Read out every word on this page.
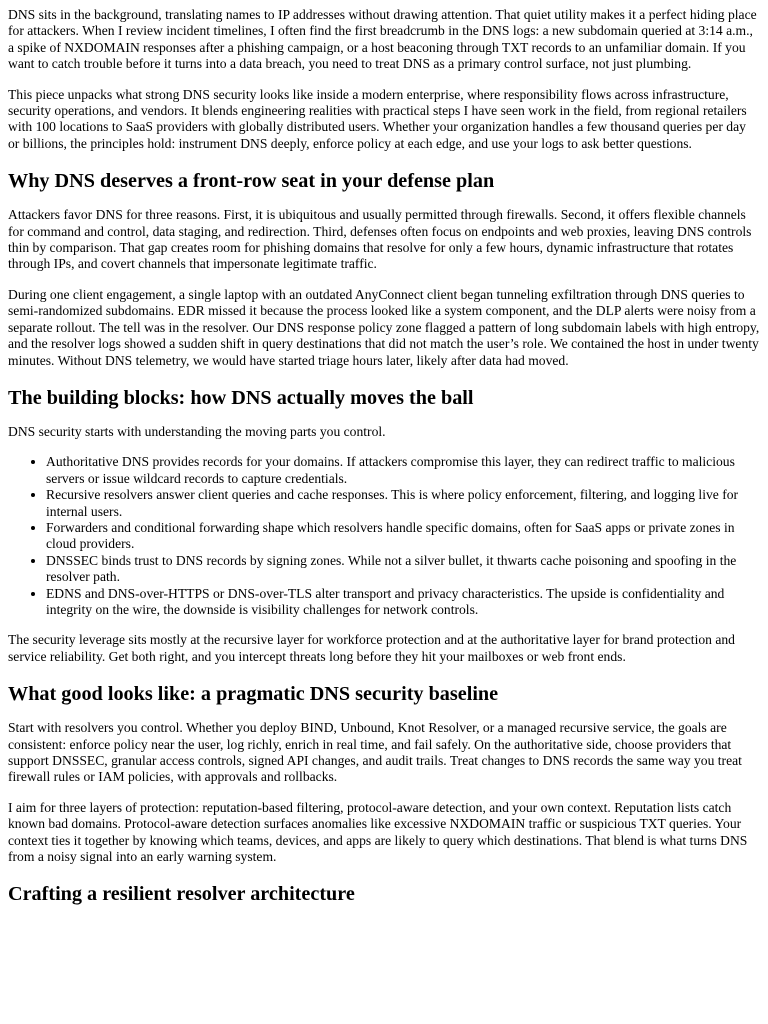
DNS sits in the background, translating names to IP addresses without drawing attention. That quiet utility makes it a perfect hiding place for attackers. When I review incident timelines, I often find the first breadcrumb in the DNS logs: a new subdomain queried at 3:14 a.m., a spike of NXDOMAIN responses after a phishing campaign, or a host beaconing through TXT records to an unfamiliar domain. If you want to catch trouble before it turns into a data breach, you need to treat DNS as a primary control surface, not just plumbing.

This piece unpacks what strong DNS security looks like inside a modern enterprise, where responsibility flows across infrastructure, security operations, and vendors. It blends engineering realities with practical steps I have seen work in the field, from regional retailers with 100 locations to SaaS providers with globally distributed users. Whether your organization handles a few thousand queries per day or billions, the principles hold: instrument DNS deeply, enforce policy at each edge, and use your logs to ask better questions.

Why DNS deserves a front-row seat in your defense plan

Attackers favor DNS for three reasons. First, it is ubiquitous and usually permitted through firewalls. Second, it offers flexible channels for command and control, data staging, and redirection. Third, defenses often focus on endpoints and web proxies, leaving DNS controls thin by comparison. That gap creates room for phishing domains that resolve for only a few hours, dynamic infrastructure that rotates through IPs, and covert channels that impersonate legitimate traffic.

During one client engagement, a single laptop with an outdated AnyConnect client began tunneling exfiltration through DNS queries to semi-randomized subdomains. EDR missed it because the process looked like a system component, and the DLP alerts were noisy from a separate rollout. The tell was in the resolver. Our DNS response policy zone flagged a pattern of long subdomain labels with high entropy, and the resolver logs showed a sudden shift in query destinations that did not match the user’s role. We contained the host in under twenty minutes. Without DNS telemetry, we would have started triage hours later, likely after data had moved.

The building blocks: how DNS actually moves the ball

DNS security starts with understanding the moving parts you control.

• Authoritative DNS provides records for your domains. If attackers compromise this layer, they can redirect traffic to malicious servers or issue wildcard records to capture credentials.
• Recursive resolvers answer client queries and cache responses. This is where policy enforcement, filtering, and logging live for internal users.
• Forwarders and conditional forwarding shape which resolvers handle specific domains, often for SaaS apps or private zones in cloud providers.
• DNSSEC binds trust to DNS records by signing zones. While not a silver bullet, it thwarts cache poisoning and spoofing in the resolver path.
• EDNS and DNS-over-HTTPS or DNS-over-TLS alter transport and privacy characteristics. The upside is confidentiality and integrity on the wire, the downside is visibility challenges for network controls.

The security leverage sits mostly at the recursive layer for workforce protection and at the authoritative layer for brand protection and service reliability. Get both right, and you intercept threats long before they hit your mailboxes or web front ends.

What good looks like: a pragmatic DNS security baseline

Start with resolvers you control. Whether you deploy BIND, Unbound, Knot Resolver, or a managed recursive service, the goals are consistent: enforce policy near the user, log richly, enrich in real time, and fail safely. On the authoritative side, choose providers that support DNSSEC, granular access controls, signed API changes, and audit trails. Treat changes to DNS records the same way you treat firewall rules or IAM policies, with approvals and rollbacks.

I aim for three layers of protection: reputation-based filtering, protocol-aware detection, and your own context. Reputation lists catch known bad domains. Protocol-aware detection surfaces anomalies like excessive NXDOMAIN traffic or suspicious TXT queries. Your context ties it together by knowing which teams, devices, and apps are likely to query which destinations. That blend is what turns DNS from a noisy signal into an early warning system.

Crafting a resilient resolver architecture
